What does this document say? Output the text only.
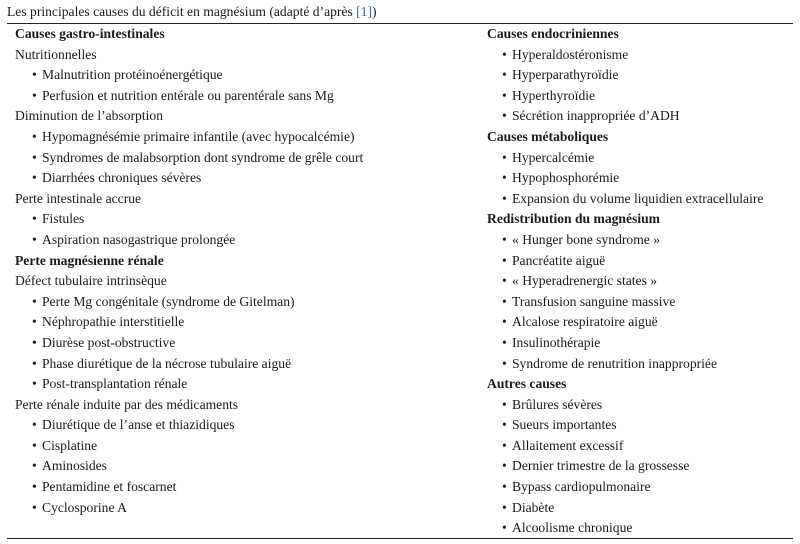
Les principales causes du déficit en magnésium (adapté d’après [1])
Causes gastro-intestinales
Nutritionnelles
• Malnutrition protéinoénergétique
• Perfusion et nutrition entérale ou parentérale sans Mg
Diminution de l’absorption
• Hypomagnésémie primaire infantile (avec hypocalcémie)
• Syndromes de malabsorption dont syndrome de grêle court
• Diarrhées chroniques sévères
Perte intestinale accrue
• Fistules
• Aspiration nasogastrique prolongée
Perte magnésienne rénale
Défect tubulaire intrinsèque
• Perte Mg congénitale (syndrome de Gitelman)
• Néphropathie interstitielle
• Diurèse post-obstructive
• Phase diurétique de la nécrose tubulaire aiguë
• Post-transplantation rénale
Perte rénale induite par des médicaments
• Diurétique de l’anse et thiazidiques
• Cisplatine
• Aminosides
• Pentamidine et foscarnet
• Cyclosporine A
Causes endocriniennes
• Hyperaldostéronisme
• Hyperparathyroïdie
• Hyperthyroïdie
• Sécrétion inappropriée d’ADH
Causes métaboliques
• Hypercalcémie
• Hypophosphorémie
• Expansion du volume liquidien extracellulaire
Redistribution du magnésium
• « Hunger bone syndrome »
• Pancréatite aiguë
• « Hyperadrenergic states »
• Transfusion sanguine massive
• Alcalose respiratoire aiguë
• Insulinothérapie
• Syndrome de renutrition inappropriée
Autres causes
• Brûlures sévères
• Sueurs importantes
• Allaitement excessif
• Dernier trimestre de la grossesse
• Bypass cardiopulmonaire
• Diabète
• Alcoolisme chronique
